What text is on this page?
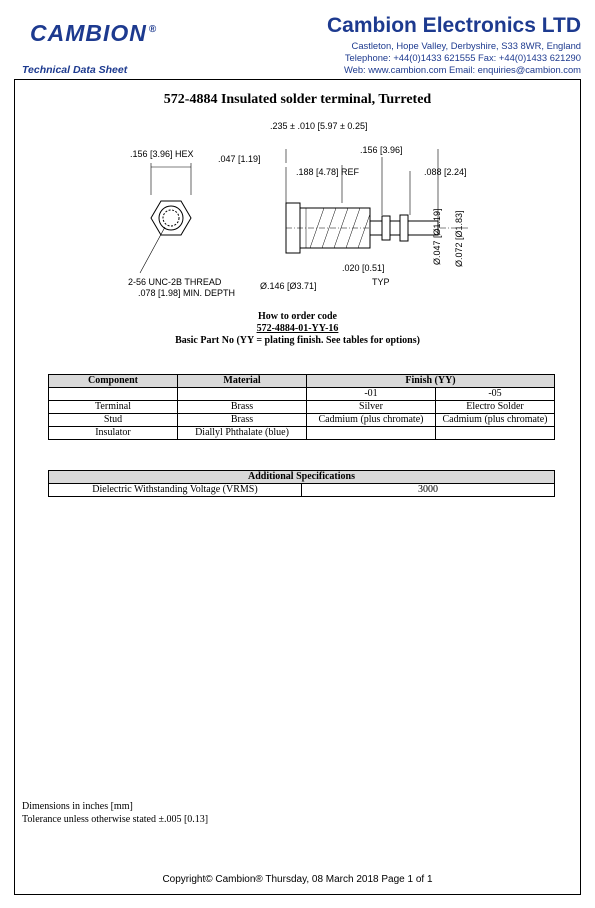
CAMBION ®
Technical Data Sheet
Cambion Electronics LTD
Castleton, Hope Valley, Derbyshire, S33 8WR, England
Telephone: +44(0)1433 621555 Fax: +44(0)1433 621290
Web: www.cambion.com Email: enquiries@cambion.com
572-4884 Insulated solder terminal, Turreted
.156 [3.96] HEX
2-56 UNC-2B THREAD
.078 [1.98] MIN. DEPTH
.235 ± .010 [5.97 ± 0.25]
.047 [1.19]
.156 [3.96]
.188 [4.78] REF	.088 [2.24]
Ø.047 [Ø1.19] Ø.072 [Ø1.83]
.020 [0.51]
TYP
Ø.146 [Ø3.71]
How to order code
572-4884-01-YY-16
Basic Part No (YY = plating finish. See tables for options)
Component	Material	Finish (YY)	
		-01	-05
Terminal	Brass	Silver	Electro Solder
Stud	Brass	Cadmium (plus chromate)	Cadmium (plus chromate)
Insulator	Diallyl Phthalate (blue)		
Additional Specifications
Dielectric Withstanding Voltage (VRMS)	3000
Dimensions in inches [mm]
Tolerance unless otherwise stated ±.005 [0.13]
Copyright© Cambion® Thursday, 08 March 2018 Page 1 of 1
